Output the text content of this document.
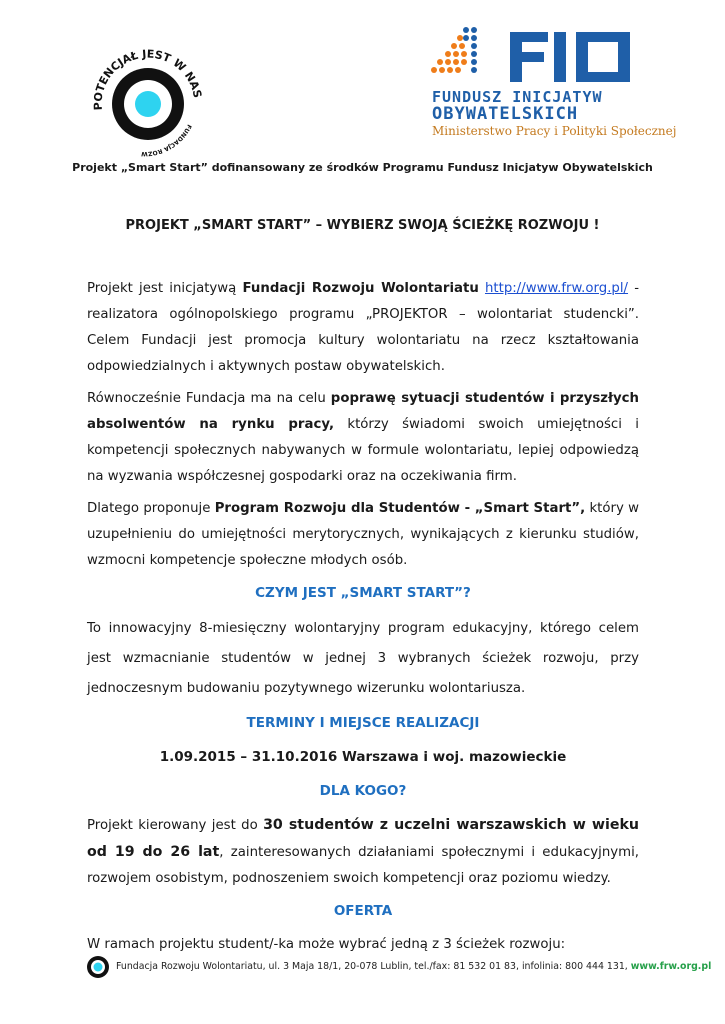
POTENCJAŁ JEST W NAS
FUNDACJA ROZW
FUNDUSZ INICJATYW
OBYWATELSKICH
Ministerstwo Pracy i Polityki Społecznej
Projekt „Smart Start” dofinansowany ze środków Programu Fundusz Inicjatyw Obywatelskich
PROJEKT „SMART START” – WYBIERZ SWOJĄ ŚCIEŻKĘ ROZWOJU !

Projekt jest inicjatywą Fundacji Rozwoju Wolontariatu http://www.frw.org.pl/ - realizatora ogólnopolskiego programu „PROJEKTOR – wolontariat studencki”. Celem Fundacji jest promocja kultury wolontariatu na rzecz kształtowania odpowiedzialnych i aktywnych postaw obywatelskich.

Równocześnie Fundacja ma na celu poprawę sytuacji studentów i przyszłych absolwentów na rynku pracy, którzy świadomi swoich umiejętności i kompetencji społecznych nabywanych w formule wolontariatu, lepiej odpowiedzą na wyzwania współczesnej gospodarki oraz na oczekiwania firm.

Dlatego proponuje Program Rozwoju dla Studentów - „Smart Start”, który w uzupełnieniu do umiejętności merytorycznych, wynikających z kierunku studiów, wzmocni kompetencje społeczne młodych osób.

CZYM JEST „SMART START”?

To innowacyjny 8-miesięczny wolontaryjny program edukacyjny, którego celem jest wzmacnianie studentów w jednej 3 wybranych ścieżek rozwoju, przy jednoczesnym budowaniu pozytywnego wizerunku wolontariusza.

TERMINY I MIEJSCE REALIZACJI
1.09.2015 – 31.10.2016 Warszawa i woj. mazowieckie
DLA KOGO?

Projekt kierowany jest do 30 studentów z uczelni warszawskich w wieku od 19 do 26 lat, zainteresowanych działaniami społecznymi i edukacyjnymi, rozwojem osobistym, podnoszeniem swoich kompetencji oraz poziomu wiedzy.

OFERTA

W ramach projektu student/-ka może wybrać jedną z 3 ścieżek rozwoju:

Fundacja Rozwoju Wolontariatu, ul. 3 Maja 18/1, 20-078 Lublin, tel./fax: 81 532 01 83, infolinia: 800 444 131, www.frw.org.pl
